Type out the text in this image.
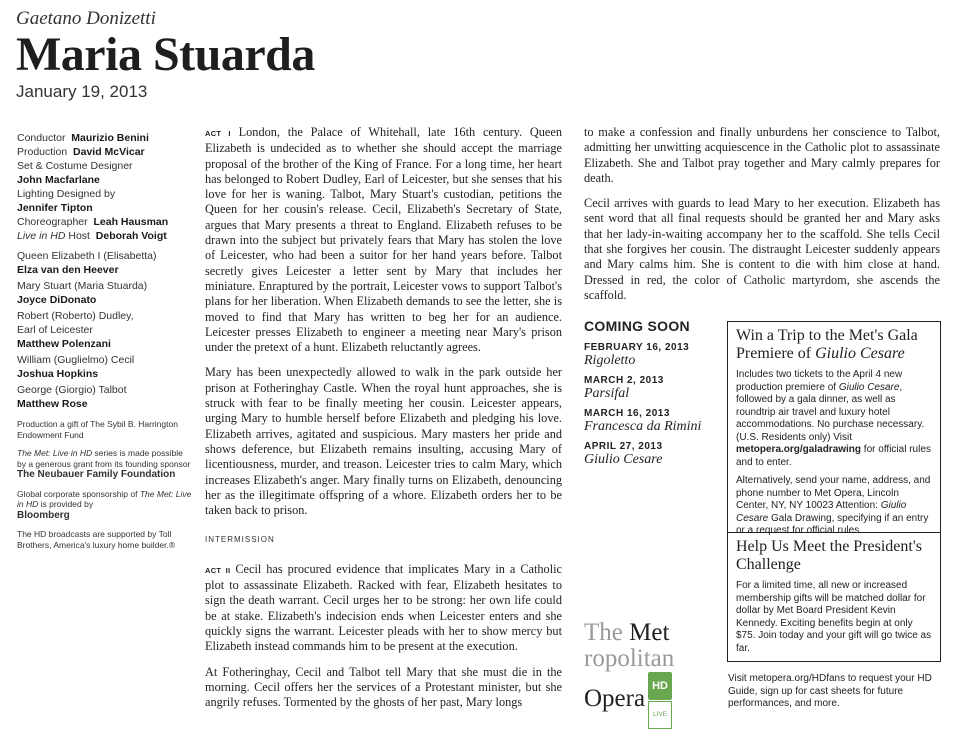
Gaetano Donizetti
Maria Stuarda
January 19, 2013
Conductor Maurizio Benini
Production David McVicar
Set & Costume Designer
John Macfarlane
Lighting Designed by
Jennifer Tipton
Choreographer Leah Hausman
Live in HD Host  Deborah Voigt
Queen Elizabeth I (Elisabetta)
Elza van den Heever
Mary Stuart (Maria Stuarda)
Joyce DiDonato
Robert (Roberto) Dudley,
Earl of Leicester
Matthew Polenzani
William (Guglielmo) Cecil
Joshua Hopkins
George (Giorgio) Talbot
Matthew Rose
Production a gift of The Sybil B. Harrington Endowment Fund
The Met: Live in HD series is made possible by a generous grant from its founding sponsor
The Neubauer Family Foundation
Global corporate sponsorship of The Met: Live in HD is provided by
Bloomberg
The HD broadcasts are supported by Toll Brothers, America's luxury home builder.®

ACT I London, the Palace of Whitehall, late 16th century. Queen Elizabeth is undecided as to whether she should accept the marriage proposal of the brother of the King of France. For a long time, her heart has belonged to Robert Dudley, Earl of Leicester, but she senses that his love for her is waning. Talbot, Mary Stuart's custodian, petitions the Queen for her cousin's release. Cecil, Elizabeth's Secretary of State, argues that Mary presents a threat to England. Elizabeth refuses to be drawn into the subject but privately fears that Mary has stolen the love of Leicester, who had been a suitor for her hand years before. Talbot secretly gives Leicester a letter sent by Mary that includes her miniature. Enraptured by the portrait, Leicester vows to support Talbot's plans for her liberation. When Elizabeth demands to see the letter, she is moved to find that Mary has written to beg her for an audience. Leicester presses Elizabeth to engineer a meeting near Mary's prison under the pretext of a hunt. Elizabeth reluctantly agrees.

Mary has been unexpectedly allowed to walk in the park outside her prison at Fotheringhay Castle. When the royal hunt approaches, she is struck with fear to be finally meeting her cousin. Leicester appears, urging Mary to humble herself before Elizabeth and pledging his love. Elizabeth arrives, agitated and suspicious. Mary masters her pride and shows deference, but Elizabeth remains insulting, accusing Mary of licentiousness, murder, and treason. Leicester tries to calm Mary, which increases Elizabeth's anger. Mary finally turns on Elizabeth, denouncing her as the illegitimate offspring of a whore. Elizabeth orders her to be taken back to prison.

INTERMISSION

ACT II Cecil has procured evidence that implicates Mary in a Catholic plot to assassinate Elizabeth. Racked with fear, Elizabeth hesitates to sign the death warrant. Cecil urges her to be strong: her own life could be at stake. Elizabeth's indecision ends when Leicester enters and she quickly signs the warrant. Leicester pleads with her to show mercy but Elizabeth instead commands him to be present at the execution.

At Fotheringhay, Cecil and Talbot tell Mary that she must die in the morning. Cecil offers her the services of a Protestant minister, but she angrily refuses. Tormented by the ghosts of her past, Mary longs

to make a confession and finally unburdens her conscience to Talbot, admitting her unwitting acquiescence in the Catholic plot to assassinate Elizabeth. She and Talbot pray together and Mary calmly prepares for death.

Cecil arrives with guards to lead Mary to her execution. Elizabeth has sent word that all final requests should be granted her and Mary asks that her lady-in-waiting accompany her to the scaffold. She tells Cecil that she forgives her cousin. The distraught Leicester suddenly appears and Mary calms him. She is content to die with him close at hand. Dressed in red, the color of Catholic martyrdom, she ascends the scaffold.

COMING SOON
FEBRUARY 16, 2013
Rigoletto
MARCH 2, 2013
Parsifal
MARCH 16, 2013
Francesca da Rimini
APRIL 27, 2013
Giulio Cesare
Win a Trip to the Met's Gala Premiere of Giulio Cesare

Includes two tickets to the April 4 new production premiere of Giulio Cesare, followed by a gala dinner, as well as roundtrip air travel and luxury hotel accommodations. No purchase necessary. (U.S. Residents only) Visit metopera.org/galadrawing for official rules and to enter.

Alternatively, send your name, address, and phone number to Met Opera, Lincoln Center, NY, NY 10023 Attention: Giulio Cesare Gala Drawing, specifying if an entry or a request for official rules.

Help Us Meet the President's Challenge

For a limited time, all new or increased membership gifts will be matched dollar for dollar by Met Board President Kevin Kennedy. Exciting benefits begin at only $75. Join today and your gift will go twice as far.

The Met
ropolitan
Opera HD
LIVE
Visit metopera.org/HDfans to request your HD Guide, sign up for cast sheets for future performances, and more.
